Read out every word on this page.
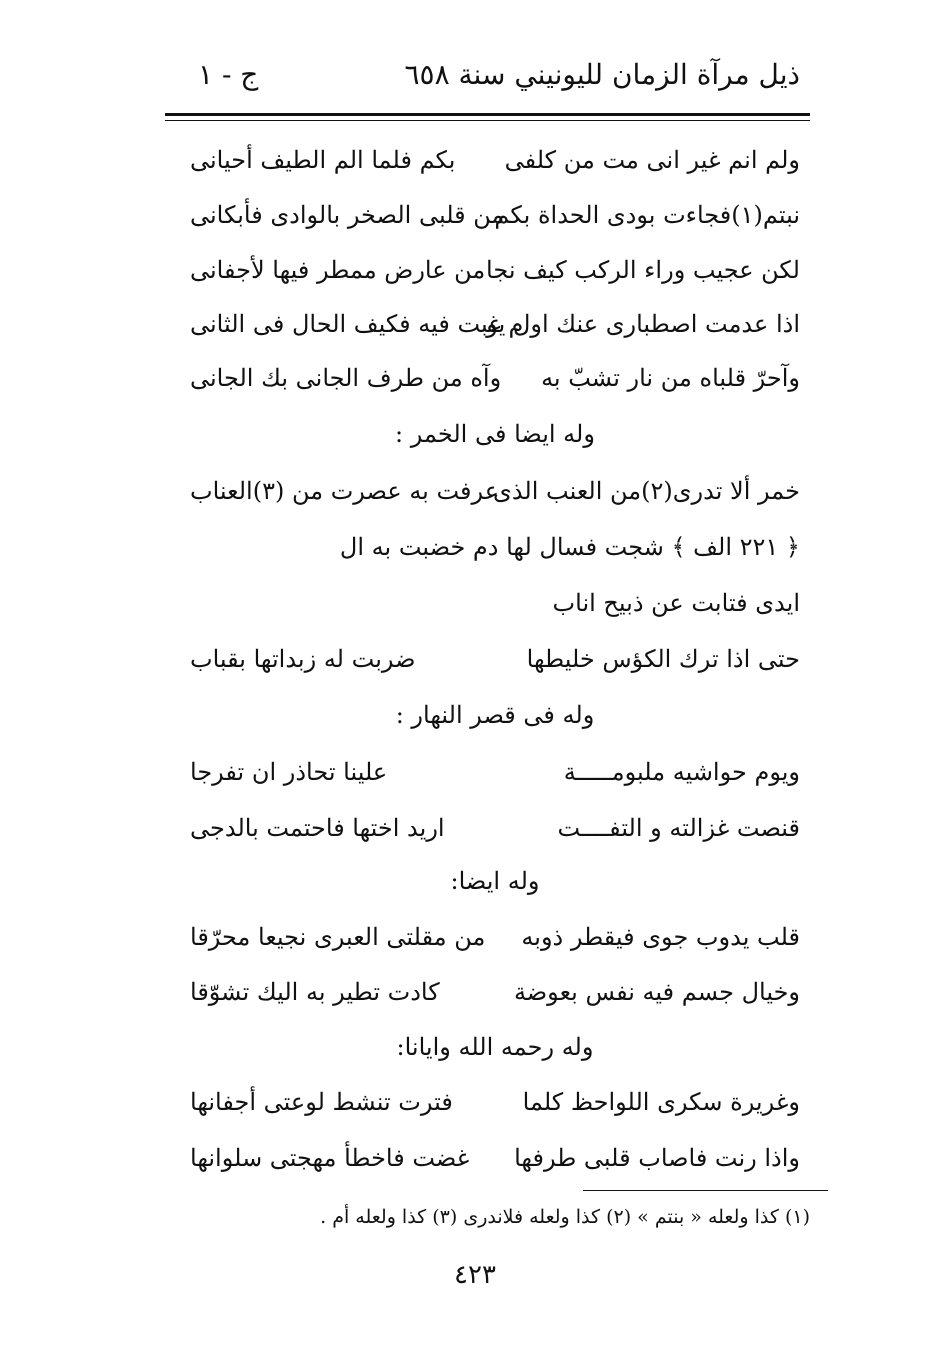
ذيل مرآة الزمان لليونيني سنة ٦٥٨
ج - ١
ولم انم غير انى مت من كلفى
بكم فلما الم الطيف أحيانى
نبتم(١)فجاءت بودى الحداة بكم
من قلبى الصخر بالوادى فأبكانى
لكن عجيب وراء الركب كيف نجا
من عارض ممطر فيها لأجفانى
اذا عدمت اصطبارى عنك اول يو
م غبت فيه فكيف الحال فى الثانى
وآحرّ قلباه من نار تشبّ به
وآه من طرف الجانى بك الجانى
وله ايضا فى الخمر :
خمر ألا تدرى(٢)من العنب الذى
عرفت به عصرت من (٣)العناب
﴿ ٢٢١ الف ﴾ شجت فسال لها دم خضبت به ال
ايدى فتابت عن ذبيح اناب
حتى اذا ترك الكؤس خليطها
ضربت له زبداتها بقباب
وله فى قصر النهار :
ويوم حواشيه ملبومـــــة
علينا تحاذر ان تفرجا
قنصت غزالته و التفــــت
اريد اختها فاحتمت بالدجى
وله ايضا:
قلب يدوب جوى فيقطر ذوبه
من مقلتى العبرى نجيعا محرّقا
وخيال جسم فيه نفس بعوضة
كادت تطير به اليك تشوّقا
وله رحمه الله وايانا:
وغريرة سكرى اللواحظ كلما
فترت تنشط لوعتى أجفانها
واذا رنت فاصاب قلبى طرفها
غضت فاخطأ مهجتى سلوانها
(١) كذا ولعله « بنتم » (٢) كذا ولعله فلاندرى (٣) كذا ولعله أم .
٤٢٣
